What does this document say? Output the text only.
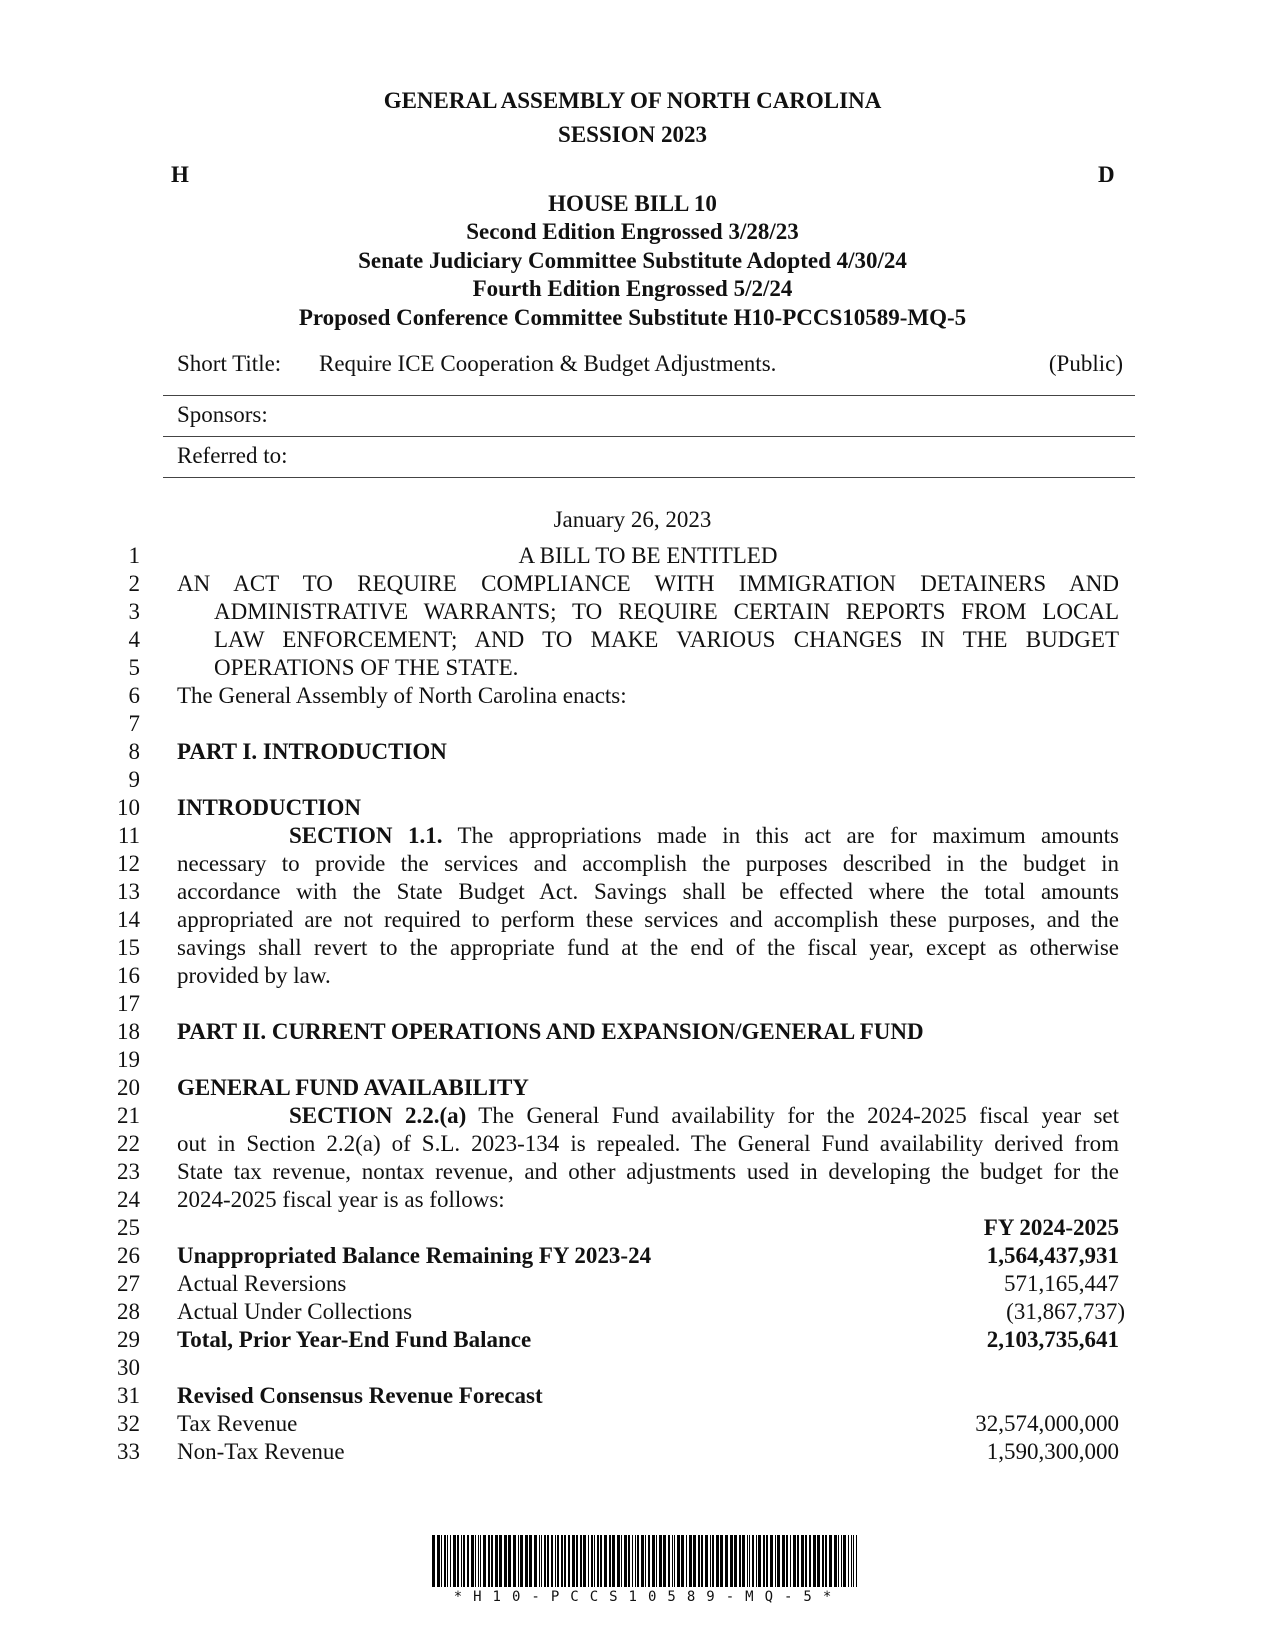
GENERAL ASSEMBLY OF NORTH CAROLINA
SESSION 2023
H	D
HOUSE BILL 10
Second Edition Engrossed 3/28/23
Senate Judiciary Committee Substitute Adopted 4/30/24
Fourth Edition Engrossed 5/2/24
Proposed Conference Committee Substitute H10-PCCS10589-MQ-5
Short Title: Require ICE Cooperation & Budget Adjustments.	(Public)
Sponsors:
Referred to:
January 26, 2023
1
2
3
4
5
6
7
8
9
10
11
12
13
14
15
16
17
18
19
20
21
22
23
24
A BILL TO BE ENTITLED
AN ACT TO REQUIRE COMPLIANCE WITH IMMIGRATION DETAINERS AND
ADMINISTRATIVE WARRANTS; TO REQUIRE CERTAIN REPORTS FROM LOCAL
LAW ENFORCEMENT; AND TO MAKE VARIOUS CHANGES IN THE BUDGET
OPERATIONS OF THE STATE.
The General Assembly of North Carolina enacts:
PART I. INTRODUCTION
INTRODUCTION
SECTION 1.1. The appropriations made in this act are for maximum amounts
necessary to provide the services and accomplish the purposes described in the budget in
accordance with the State Budget Act. Savings shall be effected where the total amounts
appropriated are not required to perform these services and accomplish these purposes, and the
savings shall revert to the appropriate fund at the end of the fiscal year, except as otherwise
provided by law.
PART II. CURRENT OPERATIONS AND EXPANSION/GENERAL FUND
GENERAL FUND AVAILABILITY
SECTION 2.2.(a) The General Fund availability for the 2024-2025 fiscal year set
out in Section 2.2(a) of S.L. 2023-134 is repealed. The General Fund availability derived from
State tax revenue, nontax revenue, and other adjustments used in developing the budget for the
2024-2025 fiscal year is as follows:
25	FY 2024-2025
26 Unappropriated Balance Remaining FY 2023-24	1,564,437,931
27 Actual Reversions	571,165,447
28 Actual Under Collections	(31,867,737)
29 Total, Prior Year-End Fund Balance	2,103,735,641
30
31 Revised Consensus Revenue Forecast
32 Tax Revenue	32,574,000,000
33 Non-Tax Revenue	1,590,300,000
*H10-PCCS10589-MQ-5*
